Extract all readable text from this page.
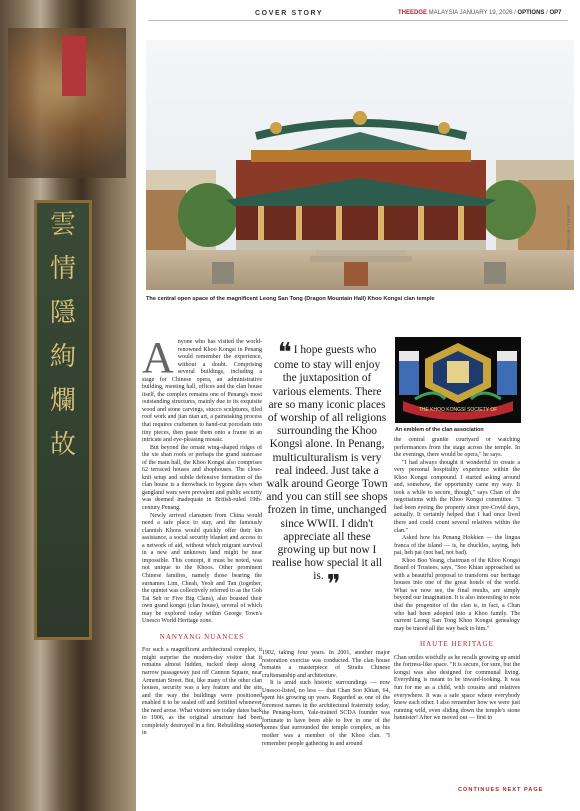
雲
情
隱
絢
爛
故
COVER STORY	THEEDGE MALAYSIA JANUARY 19, 2026 / OPTIONS / OP7
©SEAN LAI / THE EDGE
The central open space of the magnificent Leong San Tong (Dragon Mountain Hall) Khoo Kongsi clan temple

Anyone who has visited the world-renowned Khoo Kongsi in Penang would remember the experience, without a doubt. Comprising several buildings, including a stage for Chinese opera, an administrative building, meeting hall, offices and the clan house itself, the complex remains one of Penang's most outstanding structures, mainly due to its exquisite wood and stone carvings, stucco sculptures, tiled roof work and jian nian art, a painstaking process that requires craftsmen to hand-cut porcelain into tiny pieces, then paste them onto a frame in an intricate and eye-pleasing mosaic.

But beyond the ornate wing-shaped ridges of the xie shan roofs or perhaps the grand staircase of the main hall, the Khoo Kongsi also comprises 62 terraced houses and shophouses. The close-knit setup and subtle defensive formation of the clan house is a throwback to bygone days when gangland wars were prevalent and public security was deemed inadequate in British-ruled 19th-century Penang.

Newly arrived clansmen from China would need a safe place to stay, and the famously clannish Khoos would quickly offer their kin assistance, a social security blanket and access to a network of aid, without which migrant survival in a new and unknown land might be near impossible. This concept, it must be noted, was not unique to the Khoos. Other prominent Chinese families, namely those bearing the surnames Lim, Cheah, Yeoh and Tan (together, the quintet was collectively referred to as the Goh Tai Seh or Five Big Clans), also boasted their own grand kongsi (clan house), several of which may be explored today within George Town's Unesco World Heritage zone.

NANYANG NUANCES

For such a magnificent architectural complex, it might surprise the modern-day visitor that it remains almost hidden, tucked deep along a narrow passageway just off Cannon Square, near Armenian Street. But, like many of the other clan houses, security was a key feature and the site and the way the buildings were positioned enabled it to be sealed off and fortified whenever the need arose. What visitors see today dates back to 1906, as the original structure had been completely destroyed in a fire. Rebuilding started in

❝ I hope guests who come to stay will enjoy the juxtaposition of various elements. There are so many iconic places of worship of all religions surrounding the Khoo Kongsi alone. In Penang, multiculturalism is very real indeed. Just take a walk around George Town and you can still see shops frozen in time, unchanged since WWII. I didn't appreciate all these growing up but now I realise how special it all is. ❞

1902, taking four years. In 2001, another major restoration exercise was conducted. The clan house remains a masterpiece of Straits Chinese craftsmanship and architecture.

It is amid such historic surroundings — now Unesco-listed, no less — that Chan Soo Khian, 64, spent his growing up years. Regarded as one of the foremost names in the architectural fraternity today, the Penang-born, Yale-trained SCDA founder was fortunate to have been able to live in one of the homes that surrounded the temple complex, as his mother was a member of the Khoo clan. "I remember people gathering in and around

THE KHOO KONGSI SOCIETY OF
An emblem of the clan association

the central granite courtyard or watching performances from the stage across the temple. In the evenings, there would be opera," he says.

"I had always thought it wonderful to create a very personal hospitality experience within the Khoo Kongsi compound. I started asking around and, somehow, the opportunity came my way. It took a while to secure, though," says Chan of the negotiations with the Khoo Kongsi committee. "I had been eyeing the property since pre-Covid days, actually. It certainly helped that I had once lived there and could count several relatives within the clan."

Asked how his Penang Hokkien — the lingua franca of the island — is, he chuckles, saying, heh pai, heh pai (not bad, not bad).

Khoo Boo Yeang, chairman of the Khoo Kongsi Board of Trustees, says, "Soo Khian approached us with a beautiful proposal to transform our heritage houses into one of the great hotels of the world. What we now see, the final results, are simply beyond our imagination. It is also interesting to note that the progenitor of the clan is, in fact, a Chan who had been adopted into a Khoo family. The current Leong San Tong Khoo Kongsi genealogy may be traced all the way back to him."

HAUTE HERITAGE

Chan smiles wistfully as he recalls growing up amid the fortress-like space. "It is secure, for sure, but the kongsi was also designed for communal living. Everything is meant to be inward-looking. It was fun for me as a child, with cousins and relatives everywhere. It was a safe space where everybody knew each other. I also remember how we were just running wild, even sliding down the temple's stone bannister! After we moved out — first to

CONTINUES NEXT PAGE
